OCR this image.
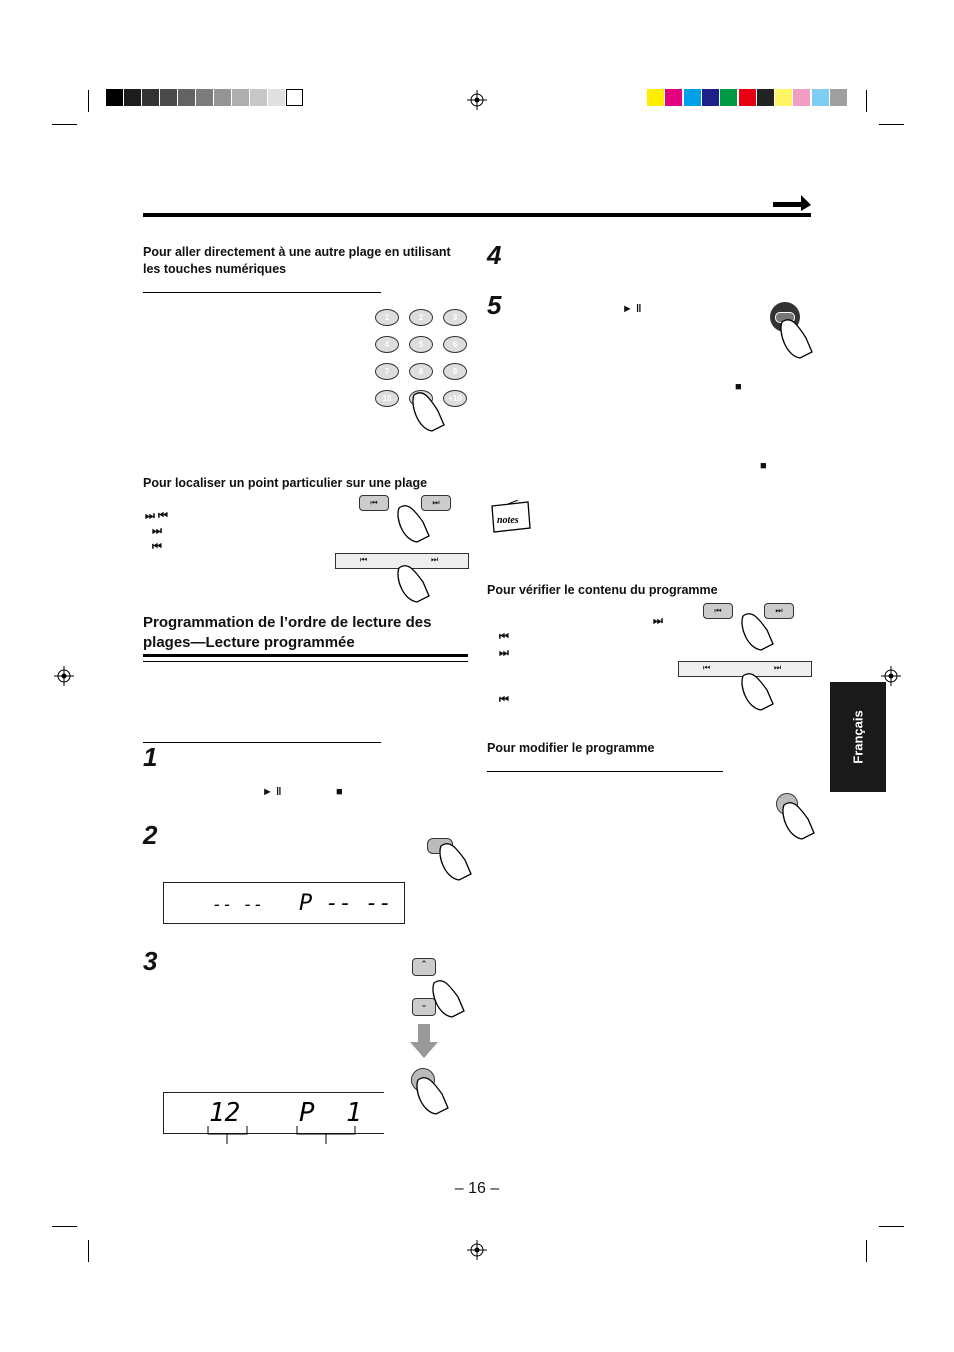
Pour aller directement à une autre plage en utilisant les touches numériques
1	2	3
4	5	6
7	8	9
10	+10
Pour localiser un point particulier sur une plage
⏭ ⏮
⏭
⏮
⏮	⏭
⏮	⏭
Programmation de l’ordre de lecture des
plages—Lecture programmée
1
► ‖	■
2
-- -- P -- --
3	⌃
⌄
12 P  1
4
5	► ‖
■
■
notes
Pour vérifier le contenu du programme
⏭
⏮
⏭
⏮
⏮	⏭
⏮	⏭
Pour modifier le programme	Français
– 16 –
